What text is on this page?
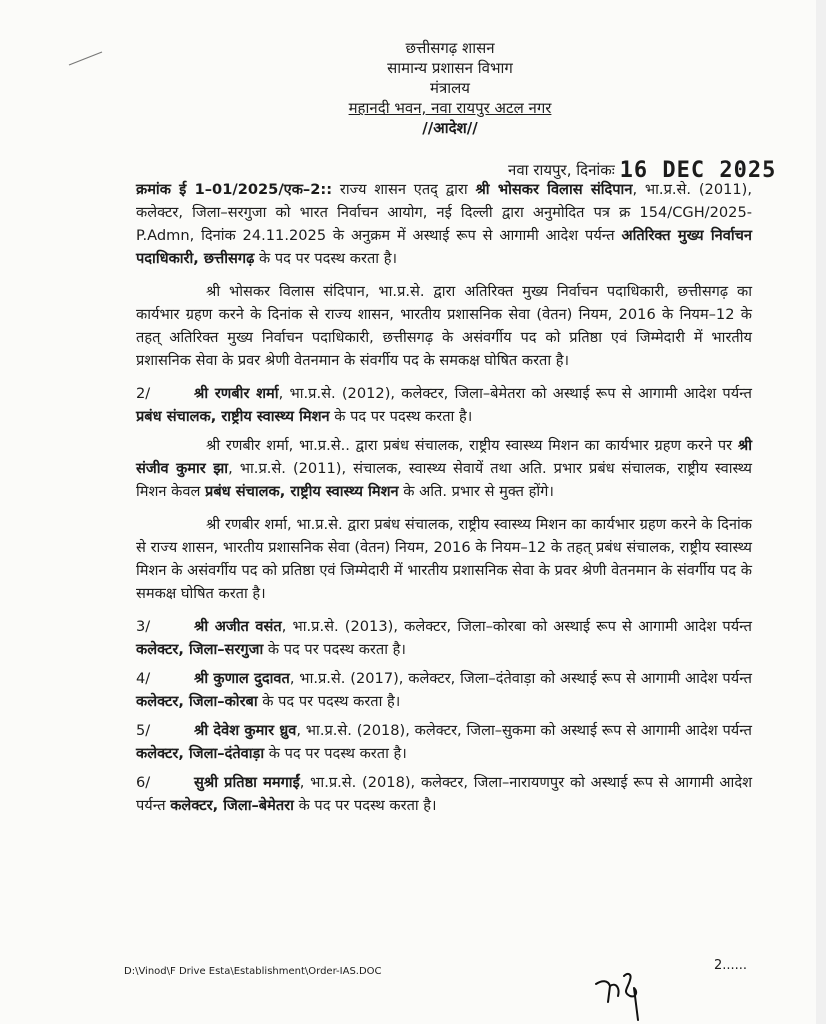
छत्तीसगढ़ शासन
सामान्य प्रशासन विभाग
मंत्रालय
महानदी भवन, नवा रायपुर अटल नगर
//आदेश//
नवा रायपुर, दिनांकः 16 DEC 2025

क्रमांक ई 1–01/2025/एक–2:: राज्य शासन एतद् द्वारा श्री भोसकर विलास संदिपान, भा.प्र.से. (2011), कलेक्टर, जिला–सरगुजा को भारत निर्वाचन आयोग, नई दिल्ली द्वारा अनुमोदित पत्र क्र 154/CGH/2025-P.Admn, दिनांक 24.11.2025 के अनुक्रम में अस्थाई रूप से आगामी आदेश पर्यन्त अतिरिक्त मुख्य निर्वाचन पदाधिकारी, छत्तीसगढ़ के पद पर पदस्थ करता है।

श्री भोसकर विलास संदिपान, भा.प्र.से. द्वारा अतिरिक्त मुख्य निर्वाचन पदाधिकारी, छत्तीसगढ़ का कार्यभार ग्रहण करने के दिनांक से राज्य शासन, भारतीय प्रशासनिक सेवा (वेतन) नियम, 2016 के नियम–12 के तहत् अतिरिक्त मुख्य निर्वाचन पदाधिकारी, छत्तीसगढ़ के असंवर्गीय पद को प्रतिष्ठा एवं जिम्मेदारी में भारतीय प्रशासनिक सेवा के प्रवर श्रेणी वेतनमान के संवर्गीय पद के समकक्ष घोषित करता है।

2/	श्री रणबीर शर्मा, भा.प्र.से. (2012), कलेक्टर, जिला–बेमेतरा को अस्थाई रूप से आगामी आदेश पर्यन्त प्रबंध संचालक, राष्ट्रीय स्वास्थ्य मिशन के पद पर पदस्थ करता है।

श्री रणबीर शर्मा, भा.प्र.से.. द्वारा प्रबंध संचालक, राष्ट्रीय स्वास्थ्य मिशन का कार्यभार ग्रहण करने पर श्री संजीव कुमार झा, भा.प्र.से. (2011), संचालक, स्वास्थ्य सेवायें तथा अति. प्रभार प्रबंध संचालक, राष्ट्रीय स्वास्थ्य मिशन केवल प्रबंध संचालक, राष्ट्रीय स्वास्थ्य मिशन के अति. प्रभार से मुक्त होंगे।

श्री रणबीर शर्मा, भा.प्र.से. द्वारा प्रबंध संचालक, राष्ट्रीय स्वास्थ्य मिशन का कार्यभार ग्रहण करने के दिनांक से राज्य शासन, भारतीय प्रशासनिक सेवा (वेतन) नियम, 2016 के नियम–12 के तहत् प्रबंध संचालक, राष्ट्रीय स्वास्थ्य मिशन के असंवर्गीय पद को प्रतिष्ठा एवं जिम्मेदारी में भारतीय प्रशासनिक सेवा के प्रवर श्रेणी वेतनमान के संवर्गीय पद के समकक्ष घोषित करता है।

3/	श्री अजीत वसंत, भा.प्र.से. (2013), कलेक्टर, जिला–कोरबा को अस्थाई रूप से आगामी आदेश पर्यन्त कलेक्टर, जिला–सरगुजा के पद पर पदस्थ करता है।

4/	श्री कुणाल दुदावत, भा.प्र.से. (2017), कलेक्टर, जिला–दंतेवाड़ा को अस्थाई रूप से आगामी आदेश पर्यन्त कलेक्टर, जिला–कोरबा के पद पर पदस्थ करता है।

5/	श्री देवेश कुमार ध्रुव, भा.प्र.से. (2018), कलेक्टर, जिला–सुकमा को अस्थाई रूप से आगामी आदेश पर्यन्त कलेक्टर, जिला–दंतेवाड़ा के पद पर पदस्थ करता है।

6/	सुश्री प्रतिष्ठा ममगाईं, भा.प्र.से. (2018), कलेक्टर, जिला–नारायणपुर को अस्थाई रूप से आगामी आदेश पर्यन्त कलेक्टर, जिला–बेमेतरा के पद पर पदस्थ करता है।

D:\Vinod\F Drive Esta\Establishment\Order-IAS.DOC	2......
